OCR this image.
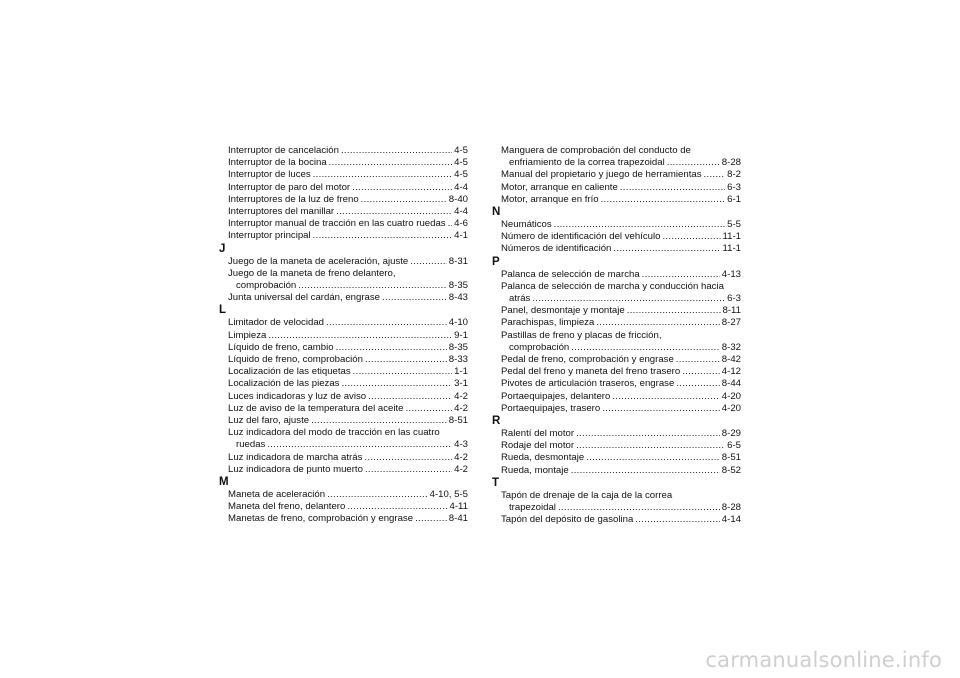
Interruptor de cancelación .....	4-5
Interruptor de la bocina .....	4-5
Interruptor de luces .....	4-5
Interruptor de paro del motor .....	4-4
Interruptores de la luz de freno .....	8-40
Interruptores del manillar .....	4-4
Interruptor manual de tracción en las cuatro ruedas ..... 4-6
Interruptor principal .....	4-1
J
Juego de la maneta de aceleración, ajuste .....	8-31
Juego de la maneta de freno delantero,
comprobación .....	8-35
Junta universal del cardán, engrase .....	8-43
L
Limitador de velocidad .....	4-10
Limpieza .....	9-1
Líquido de freno, cambio .....	8-35
Líquido de freno, comprobación .....	8-33
Localización de las etiquetas .....	1-1
Localización de las piezas .....	3-1
Luces indicadoras y luz de aviso .....	4-2
Luz de aviso de la temperatura del aceite .....	4-2
Luz del faro, ajuste .....	8-51
Luz indicadora del modo de tracción en las cuatro
ruedas .....	4-3
Luz indicadora de marcha atrás .....	4-2
Luz indicadora de punto muerto .....	4-2
M
Maneta de aceleración .....	4-10, 5-5
Maneta del freno, delantero .....	4-11
Manetas de freno, comprobación y engrase .....	8-41
Manguera de comprobación del conducto de
enfriamiento de la correa trapezoidal .....	8-28
Manual del propietario y juego de herramientas .....	8-2
Motor, arranque en caliente .....	6-3
Motor, arranque en frío .....	6-1
N
Neumáticos .....	5-5
Número de identificación del vehículo .....	11-1
Números de identificación .....	11-1
P
Palanca de selección de marcha .....	4-13
Palanca de selección de marcha y conducción hacia
atrás .....	6-3
Panel, desmontaje y montaje .....	8-11
Parachispas, limpieza .....	8-27
Pastillas de freno y placas de fricción,
comprobación .....	8-32
Pedal de freno, comprobación y engrase .....	8-42
Pedal del freno y maneta del freno trasero .....	4-12
Pivotes de articulación traseros, engrase .....	8-44
Portaequipajes, delantero .....	4-20
Portaequipajes, trasero .....	4-20
R
Ralentí del motor .....	8-29
Rodaje del motor .....	6-5
Rueda, desmontaje .....	8-51
Rueda, montaje .....	8-52
T
Tapón de drenaje de la caja de la correa
trapezoidal .....	8-28
Tapón del depósito de gasolina .....	4-14
carmanualsonline.info
